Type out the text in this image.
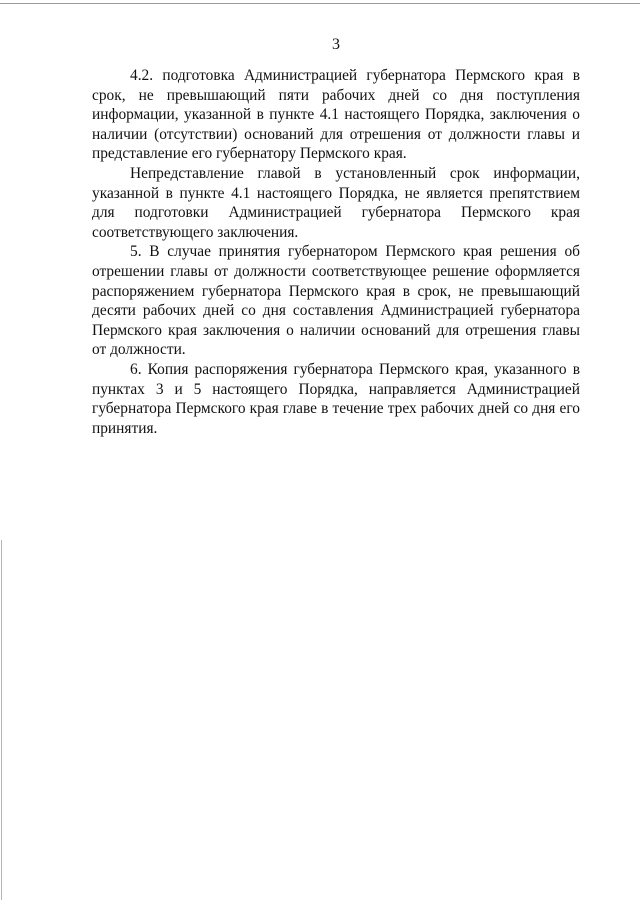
3

4.2. подготовка Администрацией губернатора Пермского края в срок, не превышающий пяти рабочих дней со дня поступления информации, указанной в пункте 4.1 настоящего Порядка, заключения о наличии (отсутствии) оснований для отрешения от должности главы и представление его губернатору Пермского края.

Непредставление главой в установленный срок информации, указанной в пункте 4.1 настоящего Порядка, не является препятствием для подготовки Администрацией губернатора Пермского края соответствующего заключения.

5. В случае принятия губернатором Пермского края решения об отрешении главы от должности соответствующее решение оформляется распоряжением губернатора Пермского края в срок, не превышающий десяти рабочих дней со дня составления Администрацией губернатора Пермского края заключения о наличии оснований для отрешения главы от должности.

6. Копия распоряжения губернатора Пермского края, указанного в пунктах 3 и 5 настоящего Порядка, направляется Администрацией губернатора Пермского края главе в течение трех рабочих дней со дня его принятия.
